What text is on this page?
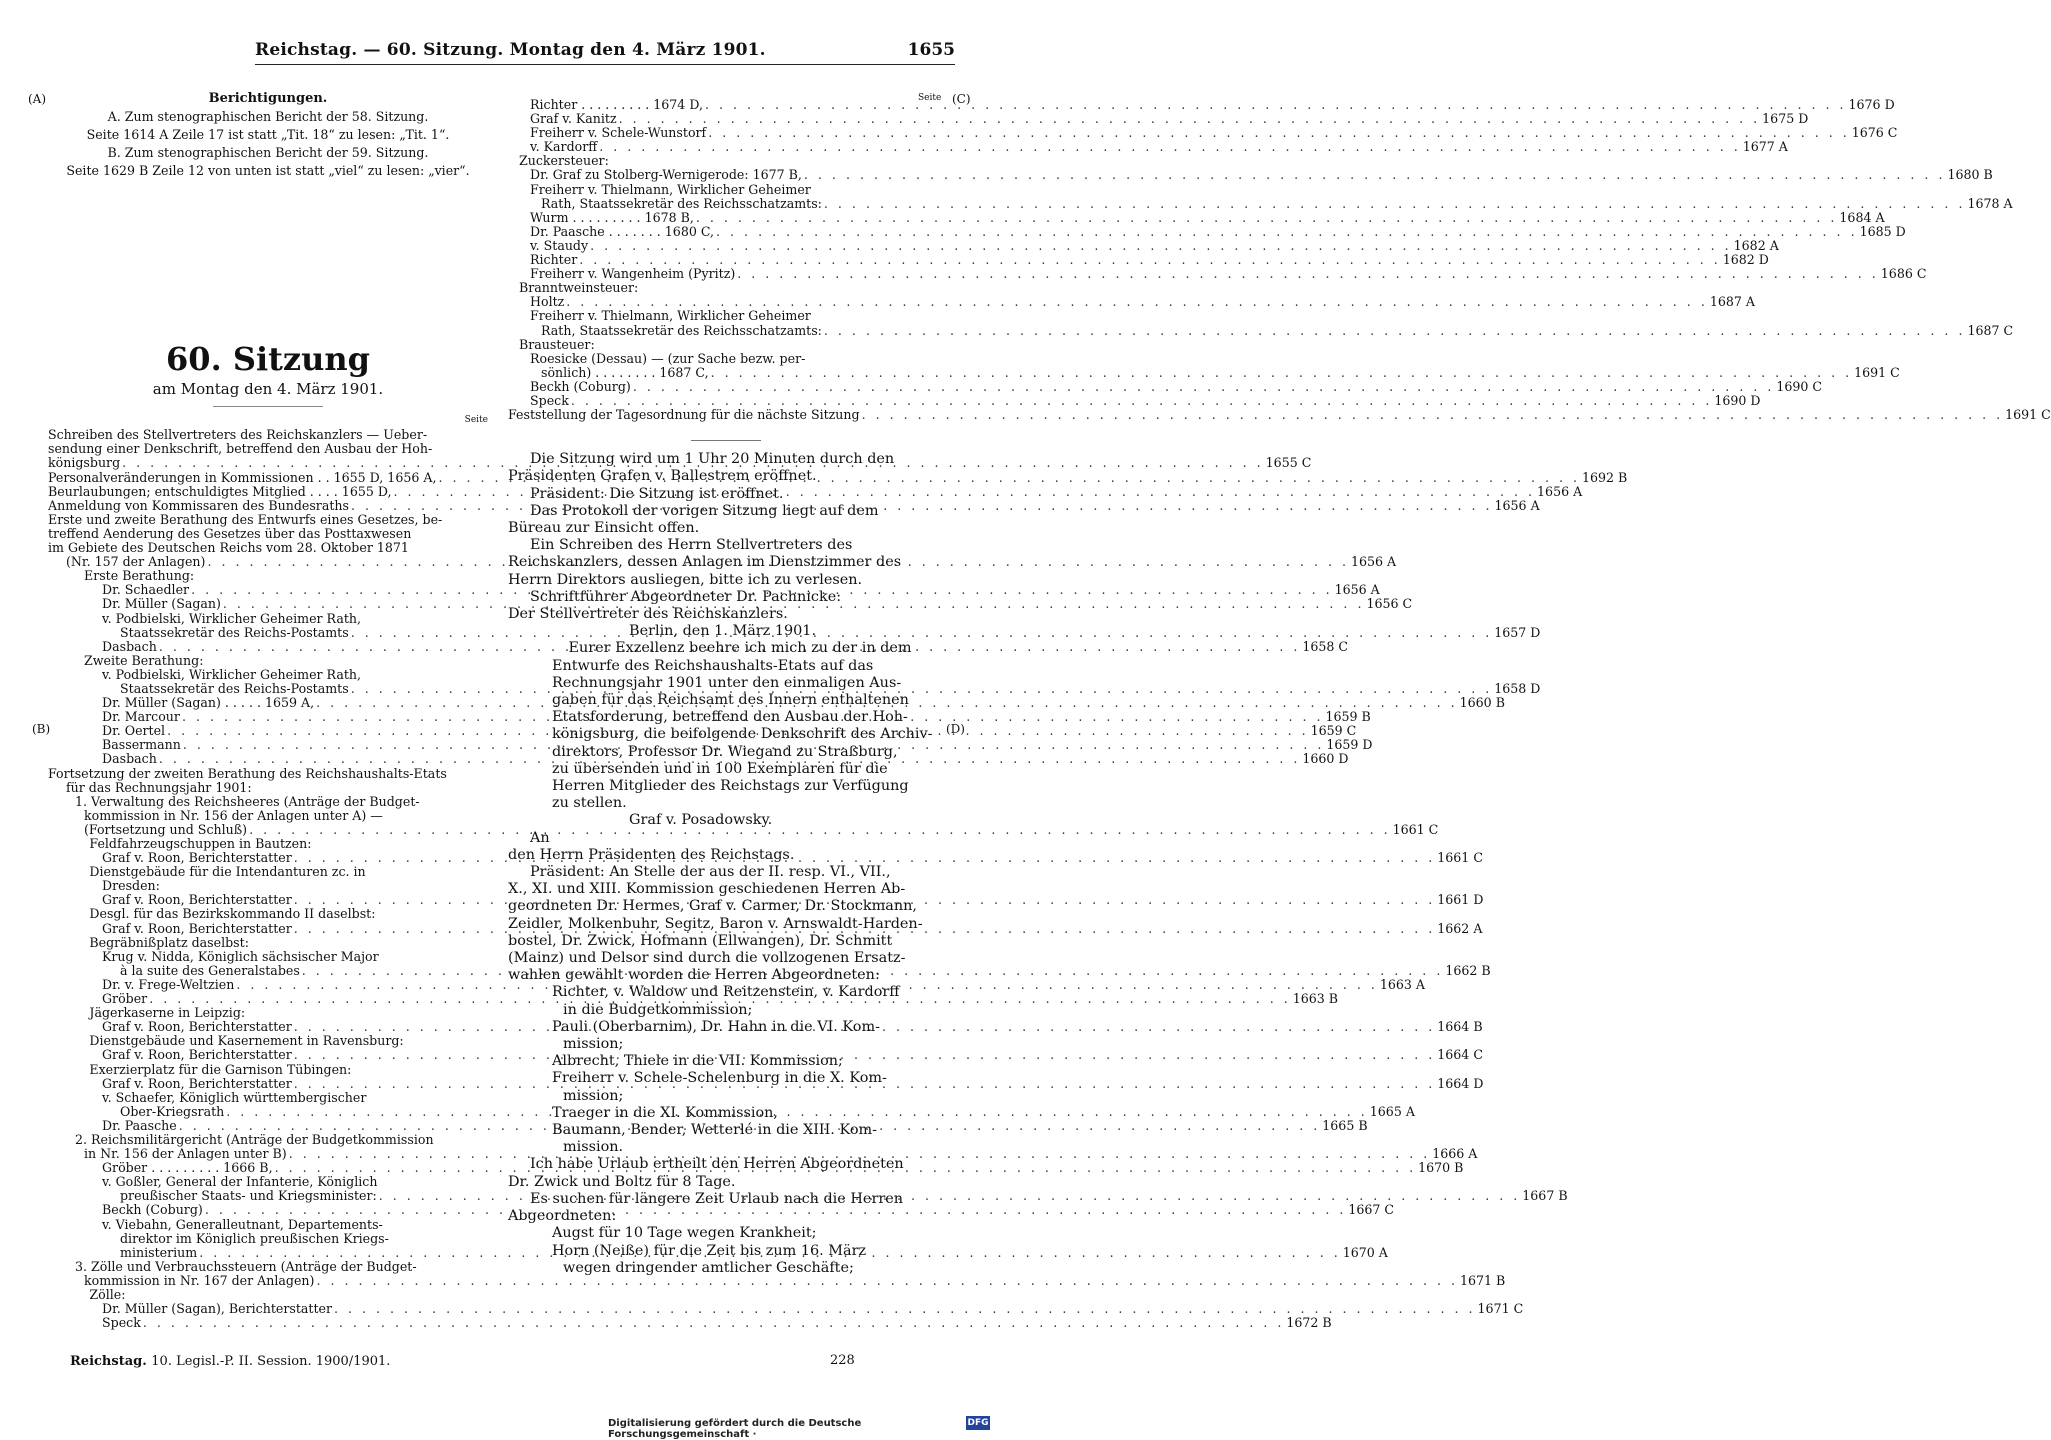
Reichstag. — 60. Sitzung. Montag den 4. März 1901.	1655
(A)
(B)
(C)
(D)
Seite
Berichtigungen.
A. Zum stenographischen Bericht der 58. Sitzung.
Seite 1614 A Zeile 17 ist statt „Tit. 18“ zu lesen: „Tit. 1“.
B. Zum stenographischen Bericht der 59. Sitzung.
Seite 1629 B Zeile 12 von unten ist statt „viel“ zu lesen: „vier“.
60. Sitzung
am Montag den 4. März 1901.
Seite
Schreiben des Stellvertreters des Reichskanzlers — Ueber-
sendung einer Denkschrift, betreffend den Ausbau der Hoh-
königsburg . . .	1655 C
Personalveränderungen in Kommissionen . . 1655 D, 1656 A, . . .	1692 B
Beurlaubungen; entschuldigtes Mitglied . . . . 1655 D, . . .	1656 A
Anmeldung von Kommissaren des Bundesraths . . .	1656 A
Erste und zweite Berathung des Entwurfs eines Gesetzes, be-
treffend Aenderung des Gesetzes über das Posttaxwesen
im Gebiete des Deutschen Reichs vom 28. Oktober 1871
(Nr. 157 der Anlagen) . . .	1656 A
Erste Berathung:
Dr. Schaedler . . .	1656 A
Dr. Müller (Sagan) . . .	1656 C
v. Podbielski, Wirklicher Geheimer Rath,
Staatssekretär des Reichs-Postamts . . .	1657 D
Dasbach . . .	1658 C
Zweite Berathung:
v. Podbielski, Wirklicher Geheimer Rath,
Staatssekretär des Reichs-Postamts . . .	1658 D
Dr. Müller (Sagan) . . . . . 1659 A, . . .	1660 B
Dr. Marcour . . .	1659 B
Dr. Oertel . . .	1659 C
Bassermann . . .	1659 D
Dasbach . . .	1660 D
Fortsetzung der zweiten Berathung des Reichshaushalts-Etats
für das Rechnungsjahr 1901:
1. Verwaltung des Reichsheeres (Anträge der Budget-
kommission in Nr. 156 der Anlagen unter A) —
(Fortsetzung und Schluß) . . .	1661 C
Feldfahrzeugschuppen in Bautzen:
Graf v. Roon, Berichterstatter . . .	1661 C
Dienstgebäude für die Intendanturen zc. in
Dresden:
Graf v. Roon, Berichterstatter . . .	1661 D
Desgl. für das Bezirkskommando II daselbst:
Graf v. Roon, Berichterstatter . . .	1662 A
Begräbnißplatz daselbst:
Krug v. Nidda, Königlich sächsischer Major
à la suite des Generalstabes . . .	1662 B
Dr. v. Frege-Weltzien . . .	1663 A
Gröber . . .	1663 B
Jägerkaserne in Leipzig:
Graf v. Roon, Berichterstatter . . .	1664 B
Dienstgebäude und Kasernement in Ravensburg:
Graf v. Roon, Berichterstatter . . .	1664 C
Exerzierplatz für die Garnison Tübingen:
Graf v. Roon, Berichterstatter . . .	1664 D
v. Schaefer, Königlich württembergischer
Ober-Kriegsrath . . .	1665 A
Dr. Paasche . . .	1665 B
2. Reichsmilitärgericht (Anträge der Budgetkommission
in Nr. 156 der Anlagen unter B) . . .	1666 A
Gröber . . . . . . . . . 1666 B, . . .	1670 B
v. Goßler, General der Infanterie, Königlich
preußischer Staats- und Kriegsminister: . . .	1667 B
Beckh (Coburg) . . .	1667 C
v. Viebahn, Generalleutnant, Departements-
direktor im Königlich preußischen Kriegs-
ministerium . . .	1670 A
3. Zölle und Verbrauchssteuern (Anträge der Budget-
kommission in Nr. 167 der Anlagen) . . .	1671 B
Zölle:
Dr. Müller (Sagan), Berichterstatter . . .	1671 C
Speck . . .	1672 B
Richter . . . . . . . . . 1674 D, . . .	1676 D
Graf v. Kanitz . . .	1675 D
Freiherr v. Schele-Wunstorf . . .	1676 C
v. Kardorff . . .	1677 A
Zuckersteuer:
Dr. Graf zu Stolberg-Wernigerode: 1677 B, . . .	1680 B
Freiherr v. Thielmann, Wirklicher Geheimer
Rath, Staatssekretär des Reichsschatzamts: . . .	1678 A
Wurm . . . . . . . . . 1678 B, . . .	1684 A
Dr. Paasche . . . . . . . 1680 C, . . .	1685 D
v. Staudy . . .	1682 A
Richter . . .	1682 D
Freiherr v. Wangenheim (Pyritz) . . .	1686 C
Branntweinsteuer:
Holtz . . .	1687 A
Freiherr v. Thielmann, Wirklicher Geheimer
Rath, Staatssekretär des Reichsschatzamts: . . .	1687 C
Brausteuer:
Roesicke (Dessau) — (zur Sache bezw. per-
sönlich) . . . . . . . . 1687 C, . . .	1691 C
Beckh (Coburg) . . .	1690 C
Speck . . .	1690 D
Feststellung der Tagesordnung für die nächste Sitzung . . .	1691 C
Die Sitzung wird um 1 Uhr 20 Minuten durch den
Präsidenten Grafen v. Ballestrem eröffnet.
Präsident: Die Sitzung ist eröffnet.
Das Protokoll der vorigen Sitzung liegt auf dem
Büreau zur Einsicht offen.
Ein Schreiben des Herrn Stellvertreters des
Reichskanzlers, dessen Anlagen im Dienstzimmer des
Herrn Direktors ausliegen, bitte ich zu verlesen.
Schriftführer Abgeordneter Dr. Pachnicke:
Der Stellvertreter des Reichskanzlers.
Berlin, den 1. März 1901.
Eurer Exzellenz beehre ich mich zu der in dem
Entwurfe des Reichshaushalts-Etats auf das
Rechnungsjahr 1901 unter den einmaligen Aus-
gaben für das Reichsamt des Innern enthaltenen
Etatsforderung, betreffend den Ausbau der Hoh-
königsburg, die beifolgende Denkschrift des Archiv-
direktors, Professor Dr. Wiegand zu Straßburg,
zu übersenden und in 100 Exemplaren für die
Herren Mitglieder des Reichstags zur Verfügung
zu stellen.
Graf v. Posadowsky.
An
den Herrn Präsidenten des Reichstags.
Präsident: An Stelle der aus der II. resp. VI., VII.,
X., XI. und XIII. Kommission geschiedenen Herren Ab-
geordneten Dr. Hermes, Graf v. Carmer, Dr. Stockmann,
Zeidler, Molkenbuhr, Segitz, Baron v. Arnswaldt-Harden-
bostel, Dr. Zwick, Hofmann (Ellwangen), Dr. Schmitt
(Mainz) und Delsor sind durch die vollzogenen Ersatz-
wahlen gewählt worden die Herren Abgeordneten:
Richter, v. Waldow und Reitzenstein, v. Kardorff
in die Budgetkommission;
Pauli (Oberbarnim), Dr. Hahn in die VI. Kom-
mission;
Albrecht, Thiele in die VII. Kommission;
Freiherr v. Schele-Schelenburg in die X. Kom-
mission;
Traeger in die XI. Kommission,
Baumann, Bender, Wetterlé in die XIII. Kom-
mission.
Ich habe Urlaub ertheilt den Herren Abgeordneten
Dr. Zwick und Boltz für 8 Tage.
Es suchen für längere Zeit Urlaub nach die Herren
Abgeordneten:
Augst für 10 Tage wegen Krankheit;
Horn (Neiße) für die Zeit bis zum 16. März
wegen dringender amtlicher Geschäfte;
Reichstag. 10. Legisl.-P. II. Session. 1900/1901.	228
Digitalisierung gefördert durch die Deutsche Forschungsgemeinschaft ·
DFG
